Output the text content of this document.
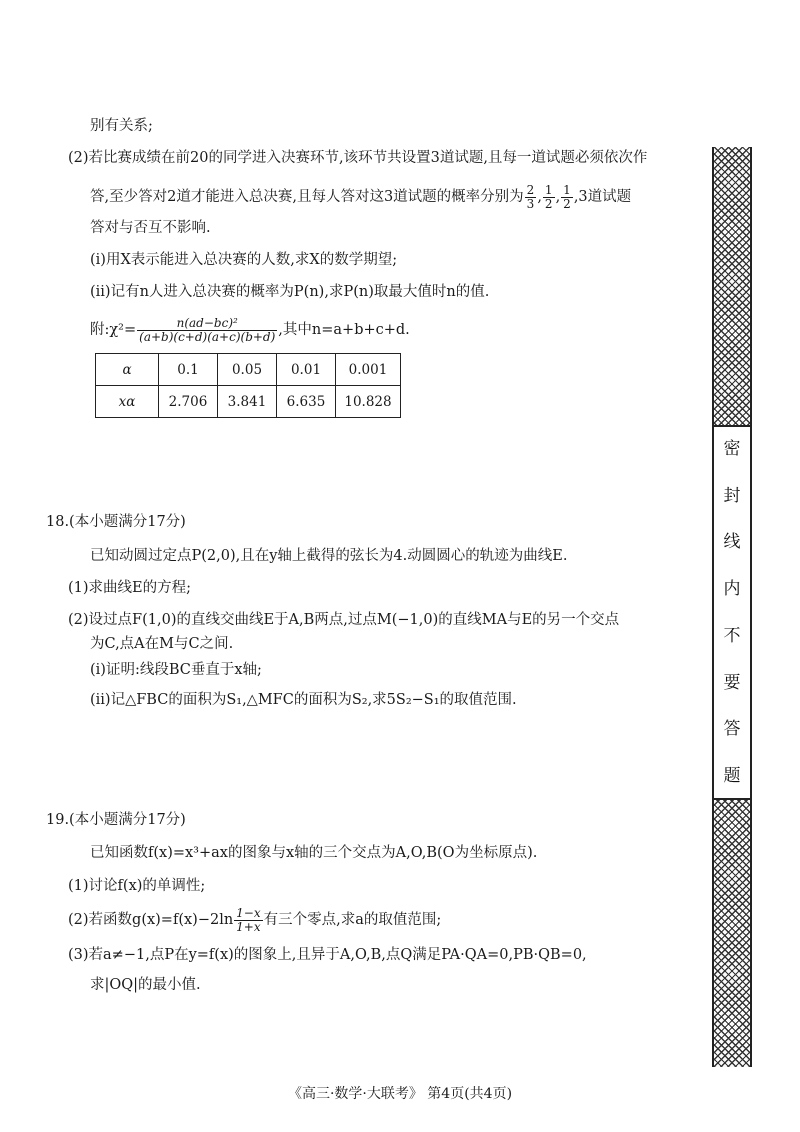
别有关系;
(2)若比赛成绩在前20的同学进入决赛环节,该环节共设置3道试题,且每一道试题必须依次作
答,至少答对2道才能进入总决赛,且每人答对这3道试题的概率分别为 $\frac{2}{3}$ , $\frac{1}{2}$ , $\frac{1}{2} ,3$道试题
答对与否互不影响.
(ⅰ)用X表示能进入总决赛的人数,求X的数学期望;
(ⅱ)记有n人进入总决赛的概率为P(n),求P(n)取最大值时n的值.
附:χ²= $\frac{\text{n(ad−bc)²}}{(a+b)(c+d)(a+c)(b+d)}$ ,其中n=a+b+c+d.
α	0.1	0.05	0.01	0.001
xα	2.706	3.841	6.635	10.828
18.(本小题满分17分)
已知动圆过定点P(2,0),且在y轴上截得的弦长为4.动圆圆心的轨迹为曲线E.
(1)求曲线E的方程;
(2)设过点F(1,0)的直线交曲线E于A,B两点,过点M(−1,0)的直线MA与E的另一个交点
为C,点A在M与C之间.
(ⅰ)证明:线段BC垂直于x轴;
(ⅱ)记△FBC的面积为S₁,△MFC的面积为S₂,求5S₂−S₁的取值范围.
19.(本小题满分17分)
已知函数f(x)=x³+ax的图象与x轴的三个交点为A,O,B(O为坐标原点).
(1)讨论f(x)的单调性;
(2)若函数$g(x)=f(x)-2\ln \frac{1-x}{1+x}$ 有三个零点,求a的取值范围;
(3)若a≠−1,点P在y=f(x)的图象上,且异于A,O,B,点Q满足PA·QA=0,PB·QB=0,
求|OQ|的最小值.
密
封
线
内
不
要
答
题
《高三·数学·大联考》 第4页(共4页)
